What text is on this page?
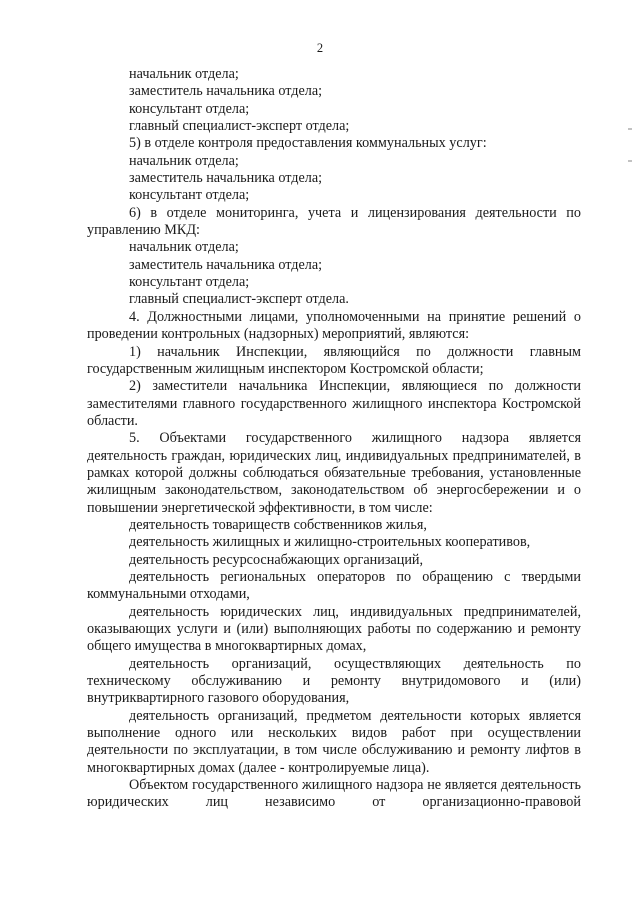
2

начальник отдела;

заместитель начальника отдела;

консультант отдела;

главный специалист-эксперт отдела;

5) в отделе контроля предоставления коммунальных услуг:

начальник отдела;

заместитель начальника отдела;

консультант отдела;

6) в отделе мониторинга, учета и лицензирования деятельности по управлению МКД:

начальник отдела;

заместитель начальника отдела;

консультант отдела;

главный специалист-эксперт отдела.

4. Должностными лицами, уполномоченными на принятие решений о проведении контрольных (надзорных) мероприятий, являются:

1) начальник Инспекции, являющийся по должности главным государственным жилищным инспектором Костромской области;

2) заместители начальника Инспекции, являющиеся по должности заместителями главного государственного жилищного инспектора Костромской области.

5. Объектами государственного жилищного надзора является деятельность граждан, юридических лиц, индивидуальных предпринимателей, в рамках которой должны соблюдаться обязательные требования, установленные жилищным законодательством, законодательством об энергосбережении и о повышении энергетической эффективности, в том числе:

деятельность товариществ собственников жилья,

деятельность жилищных и жилищно-строительных кооперативов,

деятельность ресурсоснабжающих организаций,

деятельность региональных операторов по обращению с твердыми коммунальными отходами,

деятельность юридических лиц, индивидуальных предпринимателей, оказывающих услуги и (или) выполняющих работы по содержанию и ремонту общего имущества в многоквартирных домах,

деятельность организаций, осуществляющих деятельность по техническому обслуживанию и ремонту внутридомового и (или) внутриквартирного газового оборудования,

деятельность организаций, предметом деятельности которых является выполнение одного или нескольких видов работ при осуществлении деятельности по эксплуатации, в том числе обслуживанию и ремонту лифтов в многоквартирных домах (далее - контролируемые лица).

Объектом государственного жилищного надзора не является деятельность юридических лиц независимо от организационно-правовой
